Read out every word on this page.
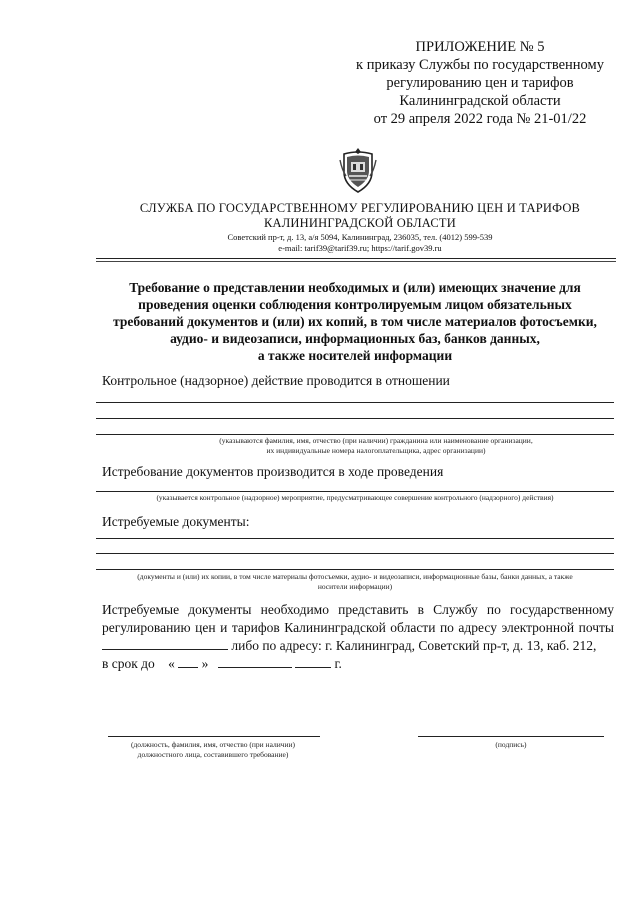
ПРИЛОЖЕНИЕ № 5
к приказу Службы по государственному
регулированию цен и тарифов
Калининградской области
от 29 апреля 2022 года № 21-01/22
СЛУЖБА ПО ГОСУДАРСТВЕННОМУ РЕГУЛИРОВАНИЮ ЦЕН И ТАРИФОВ
КАЛИНИНГРАДСКОЙ ОБЛАСТИ
Советский пр-т, д. 13, а/я 5094, Калининград, 236035, тел. (4012) 599-539
e-mail: tarif39@tarif39.ru; https://tarif.gov39.ru
Требование о представлении необходимых и (или) имеющих значение для
проведения оценки соблюдения контролируемым лицом обязательных
требований документов и (или) их копий, в том числе материалов фотосъемки,
аудио- и видеозаписи, информационных баз, банков данных,
а также носителей информации
Контрольное (надзорное) действие проводится в отношении
(указываются фамилия, имя, отчество (при наличии) гражданина или наименование организации,
их индивидуальные номера налогоплательщика, адрес организации)
Истребование документов производится в ходе проведения
(указывается контрольное (надзорное) мероприятие, предусматривающее совершение контрольного (надзорного) действия)
Истребуемые документы:
(документы и (или) их копии, в том числе материалы фотосъемки, аудио- и видеозаписи, информационные базы, банки данных, а также
носители информации)
Истребуемые документы необходимо представить в Службу по государственному регулированию цен и тарифов Калининградской области по адресу электронной почты  либо по адресу: г. Калининград, Советский пр-т, д. 13, каб. 212,
в срок до « »	г.
(должность, фамилия, имя, отчество (при наличии)
должностного лица, составившего требование)
(подпись)
